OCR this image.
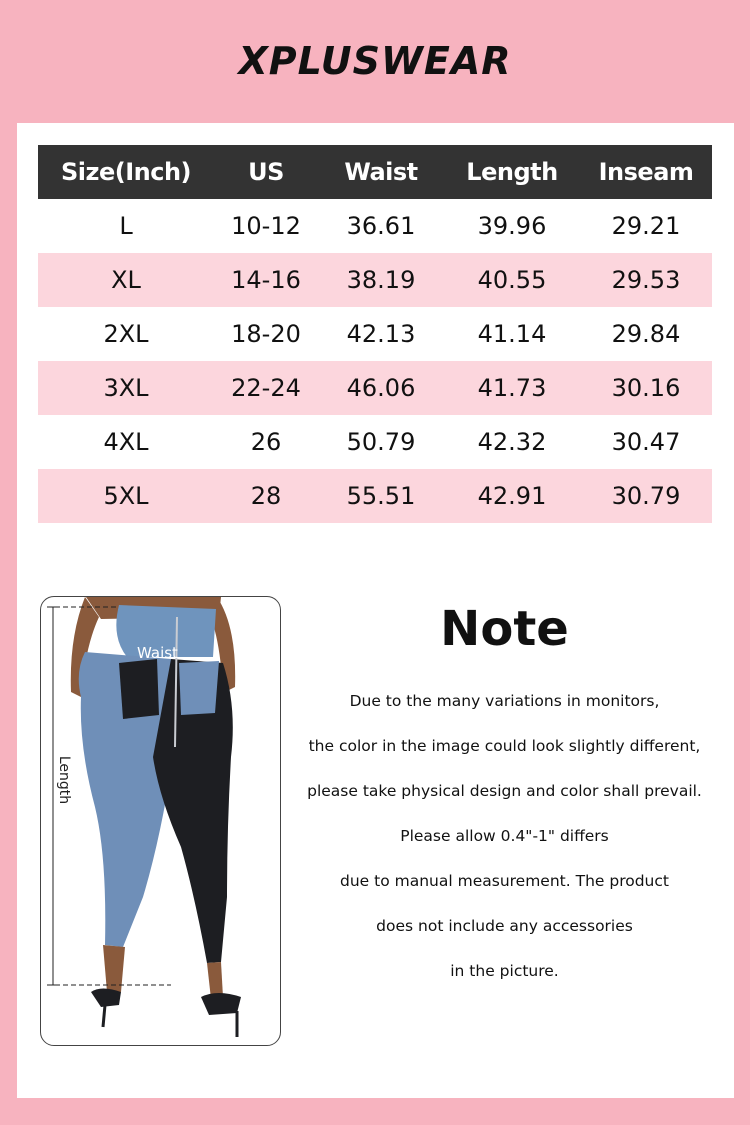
XPLUSWEAR
Size(Inch)	US	Waist	Length	Inseam
L	10-12	36.61	39.96	29.21
XL	14-16	38.19	40.55	29.53
2XL	18-20	42.13	41.14	29.84
3XL	22-24	46.06	41.73	30.16
4XL	26	50.79	42.32	30.47
5XL	28	55.51	42.91	30.79
Waist
Length
Note
Due to the many variations in monitors,
the color in the image could look slightly different,
please take physical design and color shall prevail.
Please allow 0.4"-1" differs
due to manual measurement. The product
does not include any accessories
in the picture.
